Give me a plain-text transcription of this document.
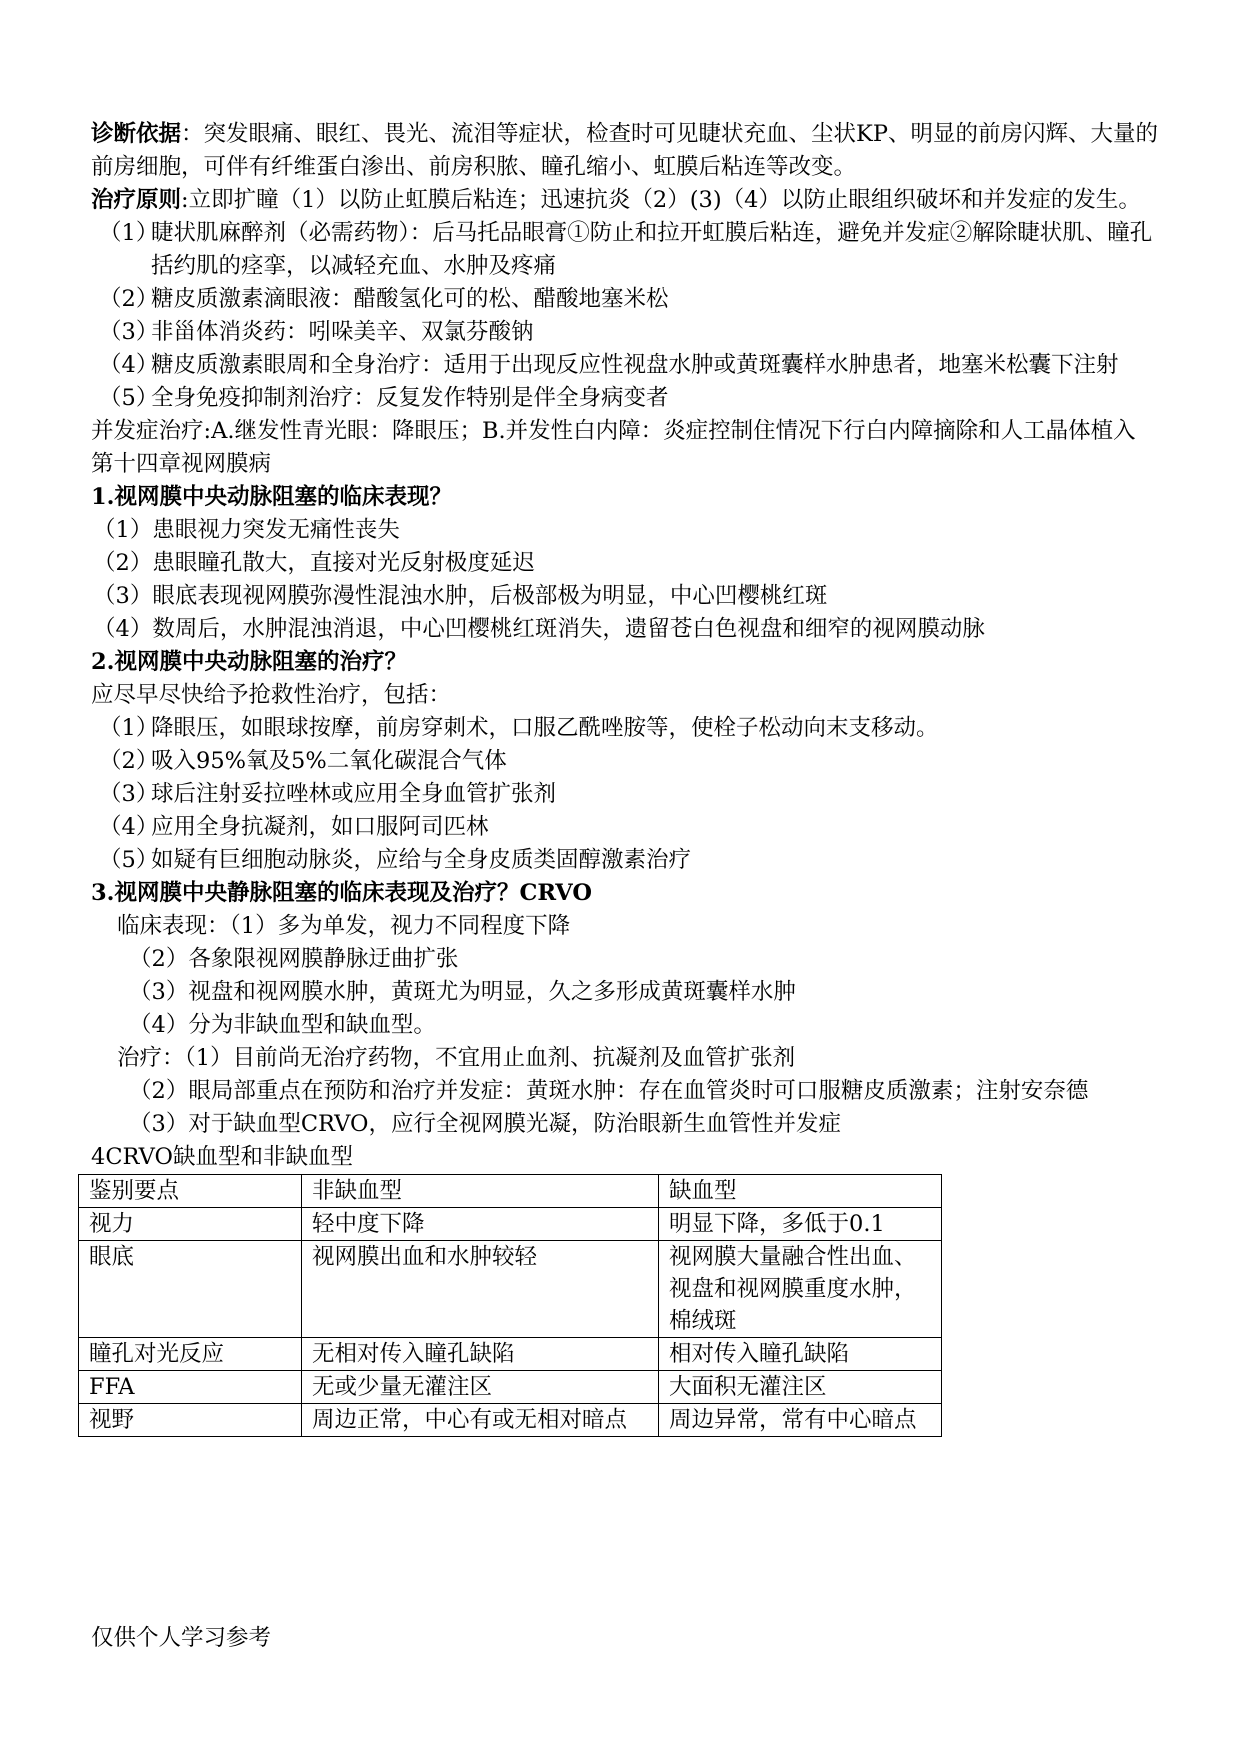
诊断依据：突发眼痛、眼红、畏光、流泪等症状，检查时可见睫状充血、尘状KP、明显的前房闪辉、大量的前房细胞，可伴有纤维蛋白渗出、前房积脓、瞳孔缩小、虹膜后粘连等改变。

治疗原则:立即扩瞳（1）以防止虹膜后粘连；迅速抗炎（2）(3)（4）以防止眼组织破坏和并发症的发生。

（1）
睫状肌麻醉剂（必需药物）：后马托品眼膏①防止和拉开虹膜后粘连，避免并发症②解除睫状肌、瞳孔括约肌的痉挛，以减轻充血、水肿及疼痛
（2）
糖皮质激素滴眼液：醋酸氢化可的松、醋酸地塞米松
（3）
非甾体消炎药：吲哚美辛、双氯芬酸钠
（4）
糖皮质激素眼周和全身治疗：适用于出现反应性视盘水肿或黄斑囊样水肿患者，地塞米松囊下注射
（5）
全身免疫抑制剂治疗：反复发作特别是伴全身病变者

并发症治疗:A.继发性青光眼：降眼压；B.并发性白内障：炎症控制住情况下行白内障摘除和人工晶体植入

第十四章视网膜病

1.视网膜中央动脉阻塞的临床表现？

（1）患眼视力突发无痛性丧失

（2）患眼瞳孔散大，直接对光反射极度延迟

（3）眼底表现视网膜弥漫性混浊水肿，后极部极为明显，中心凹樱桃红斑

（4）数周后，水肿混浊消退，中心凹樱桃红斑消失，遗留苍白色视盘和细窄的视网膜动脉

2.视网膜中央动脉阻塞的治疗？

应尽早尽快给予抢救性治疗，包括：

（1）
降眼压，如眼球按摩，前房穿刺术，口服乙酰唑胺等，使栓子松动向末支移动。
（2）
吸入95%氧及5%二氧化碳混合气体
（3）
球后注射妥拉唑林或应用全身血管扩张剂
（4）
应用全身抗凝剂，如口服阿司匹林
（5）
如疑有巨细胞动脉炎，应给与全身皮质类固醇激素治疗

3.视网膜中央静脉阻塞的临床表现及治疗？CRVO

临床表现：（1）多为单发，视力不同程度下降

（2）各象限视网膜静脉迂曲扩张

（3）视盘和视网膜水肿，黄斑尤为明显，久之多形成黄斑囊样水肿

（4）分为非缺血型和缺血型。

治疗：（1）目前尚无治疗药物，不宜用止血剂、抗凝剂及血管扩张剂

（2）眼局部重点在预防和治疗并发症：黄斑水肿：存在血管炎时可口服糖皮质激素；注射安奈德

（3）对于缺血型CRVO，应行全视网膜光凝，防治眼新生血管性并发症

4CRVO缺血型和非缺血型

鉴别要点	非缺血型	缺血型
视力	轻中度下降	明显下降，多低于0.1
眼底	视网膜出血和水肿较轻	视网膜大量融合性出血、视盘和视网膜重度水肿，棉绒斑
瞳孔对光反应	无相对传入瞳孔缺陷	相对传入瞳孔缺陷
FFA	无或少量无灌注区	大面积无灌注区
视野	周边正常，中心有或无相对暗点	周边异常，常有中心暗点

仅供个人学习参考
